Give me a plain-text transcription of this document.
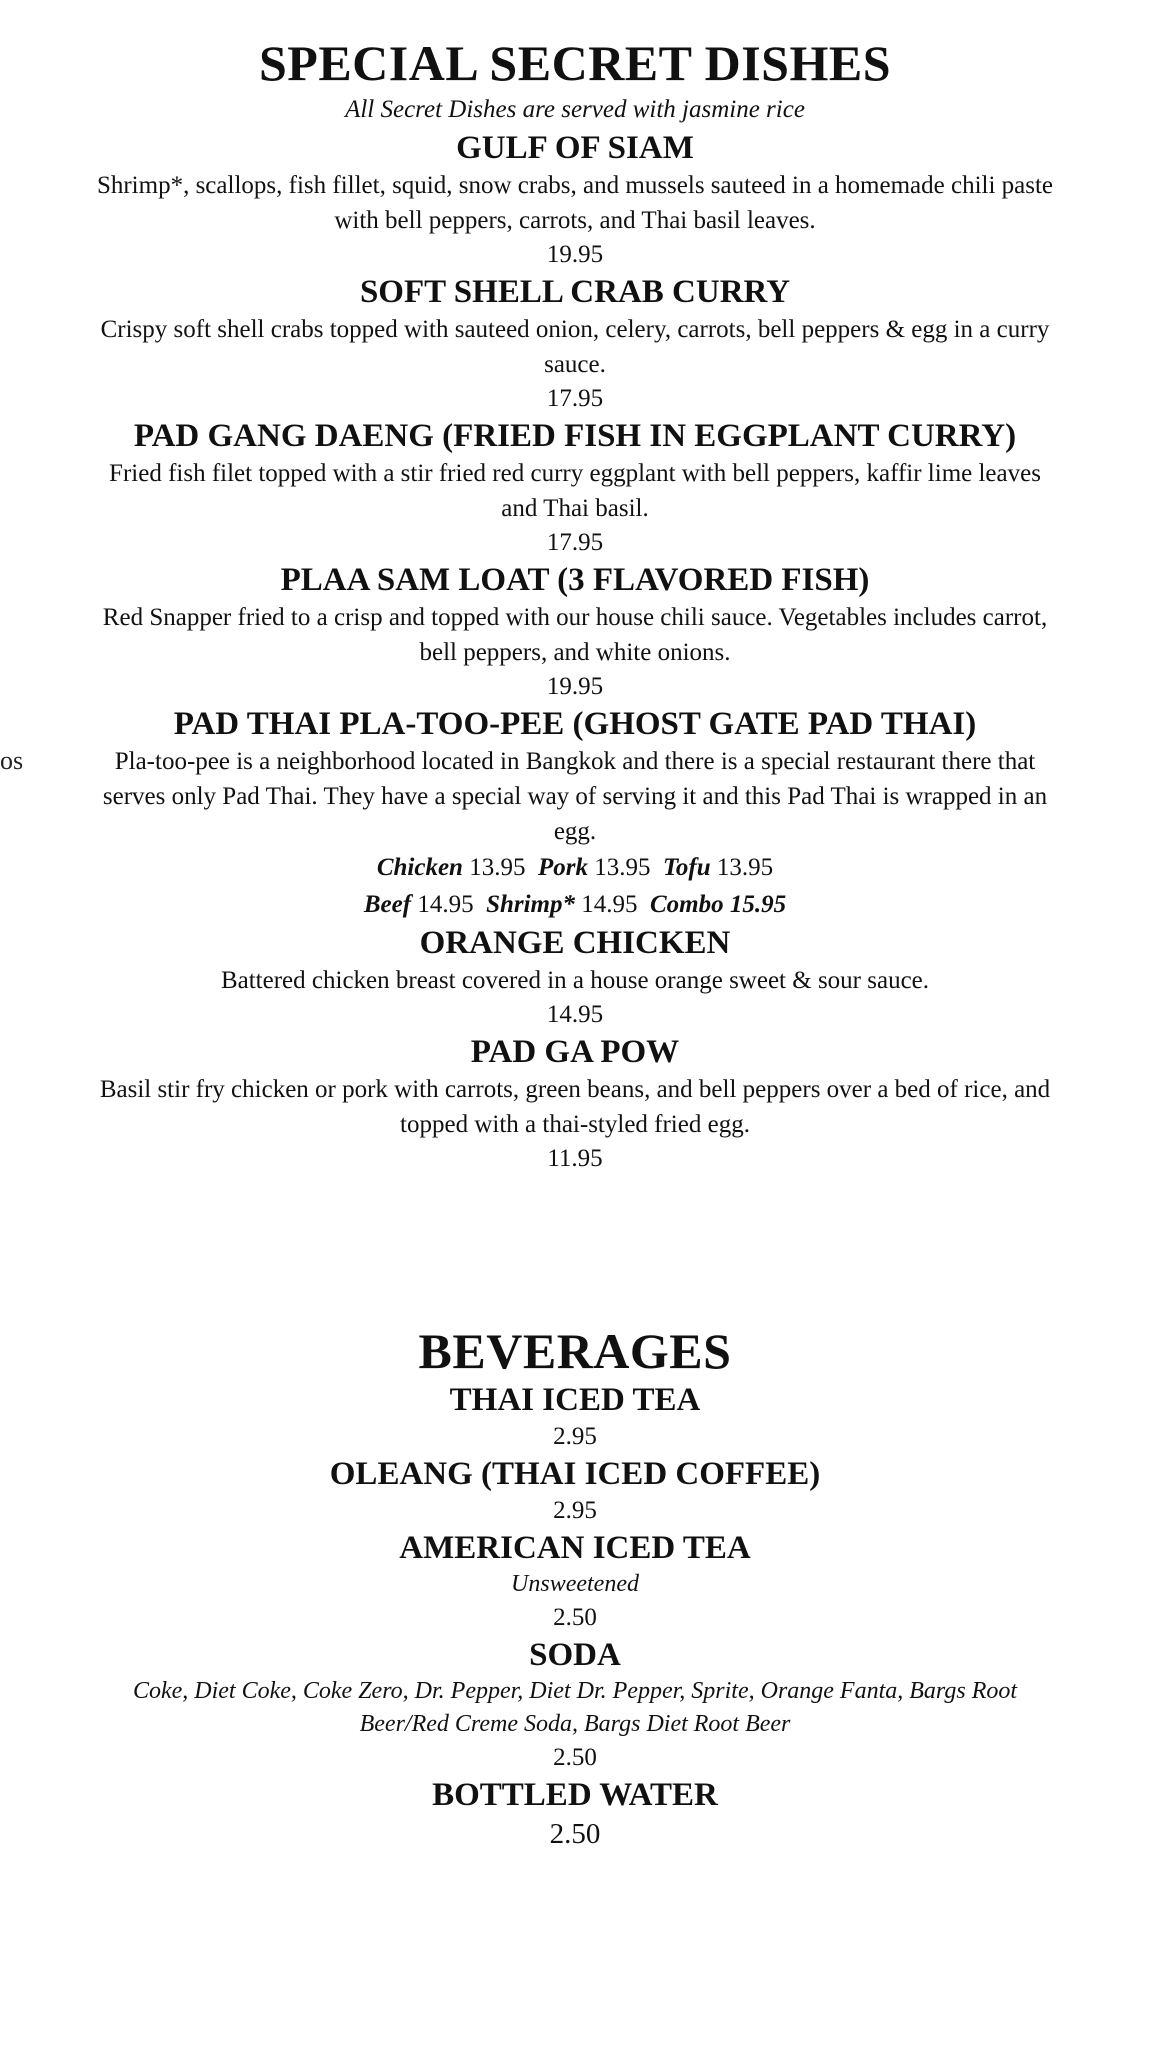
os
SPECIAL SECRET DISHES
All Secret Dishes are served with jasmine rice
GULF OF SIAM
Shrimp*, scallops, fish fillet, squid, snow crabs, and mussels sauteed in a homemade chili paste
with bell peppers, carrots, and Thai basil leaves.
19.95
SOFT SHELL CRAB CURRY
Crispy soft shell crabs topped with sauteed onion, celery, carrots, bell peppers & egg in a curry
sauce.
17.95
PAD GANG DAENG (FRIED FISH IN EGGPLANT CURRY)
Fried fish filet topped with a stir fried red curry eggplant with bell peppers, kaffir lime leaves
and Thai basil.
17.95
PLAA SAM LOAT (3 FLAVORED FISH)
Red Snapper fried to a crisp and topped with our house chili sauce. Vegetables includes carrot,
bell peppers, and white onions.
19.95
PAD THAI PLA-TOO-PEE (GHOST GATE PAD THAI)
Pla-too-pee is a neighborhood located in Bangkok and there is a special restaurant there that
serves only Pad Thai. They have a special way of serving it and this Pad Thai is wrapped in an
egg.
Chicken 13.95 Pork 13.95 Tofu 13.95
Beef 14.95 Shrimp* 14.95 Combo 15.95
ORANGE CHICKEN
Battered chicken breast covered in a house orange sweet & sour sauce.
14.95
PAD GA POW
Basil stir fry chicken or pork with carrots, green beans, and bell peppers over a bed of rice, and
topped with a thai-styled fried egg.
11.95
BEVERAGES
THAI ICED TEA
2.95
OLEANG (THAI ICED COFFEE)
2.95
AMERICAN ICED TEA
Unsweetened
2.50
SODA
Coke, Diet Coke, Coke Zero, Dr. Pepper, Diet Dr. Pepper, Sprite, Orange Fanta, Bargs Root
Beer/Red Creme Soda, Bargs Diet Root Beer
2.50
BOTTLED WATER
2.50
